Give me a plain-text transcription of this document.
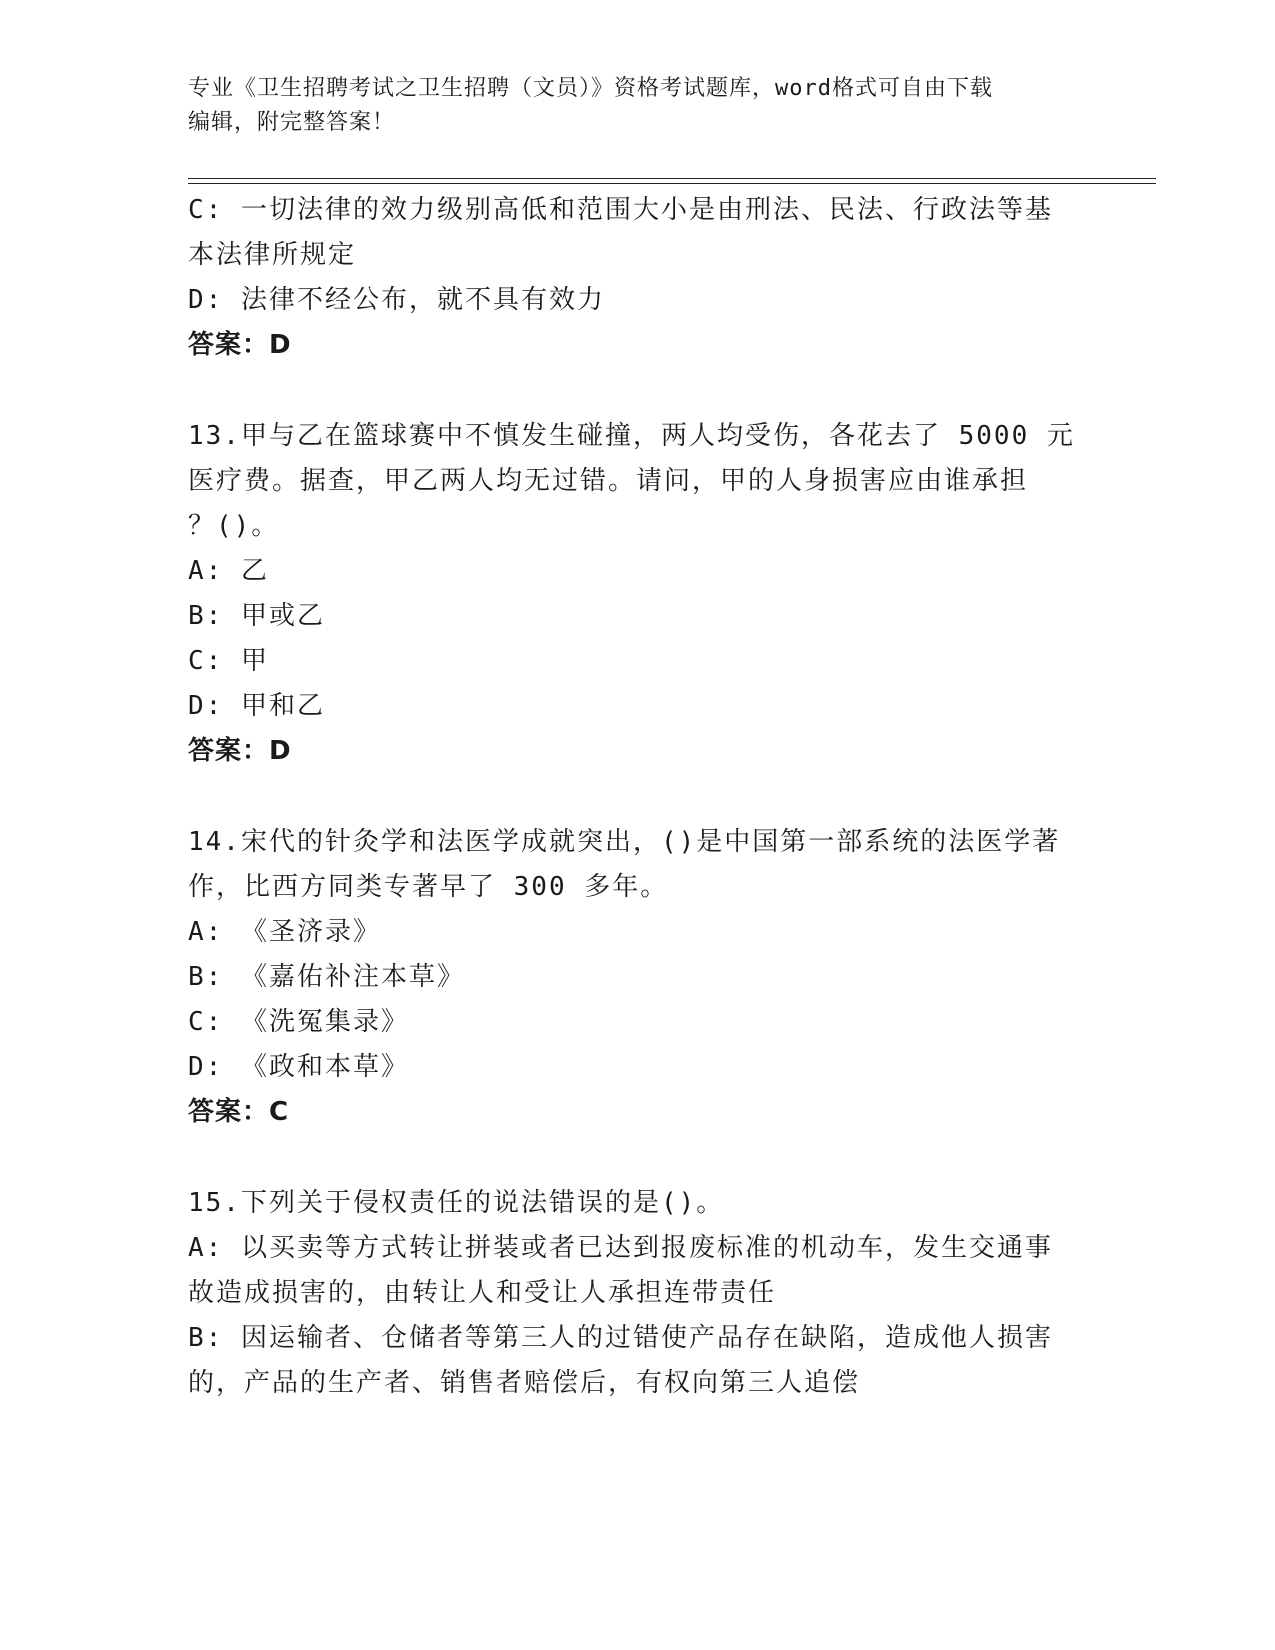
专业《卫生招聘考试之卫生招聘（文员）》资格考试题库，word格式可自由下载
编辑，附完整答案！
C: 一切法律的效力级别高低和范围大小是由刑法、民法、行政法等基
本法律所规定
D: 法律不经公布，就不具有效力
答案：D
13.甲与乙在篮球赛中不慎发生碰撞，两人均受伤，各花去了 5000 元
医疗费。据查，甲乙两人均无过错。请问，甲的人身损害应由谁承担
？()。
A: 乙
B: 甲或乙
C: 甲
D: 甲和乙
答案：D
14.宋代的针灸学和法医学成就突出，()是中国第一部系统的法医学著
作，比西方同类专著早了 300 多年。
A: 《圣济录》
B: 《嘉佑补注本草》
C: 《洗冤集录》
D: 《政和本草》
答案：C
15.下列关于侵权责任的说法错误的是()。
A: 以买卖等方式转让拼装或者已达到报废标准的机动车，发生交通事
故造成损害的，由转让人和受让人承担连带责任
B: 因运输者、仓储者等第三人的过错使产品存在缺陷，造成他人损害
的，产品的生产者、销售者赔偿后，有权向第三人追偿
